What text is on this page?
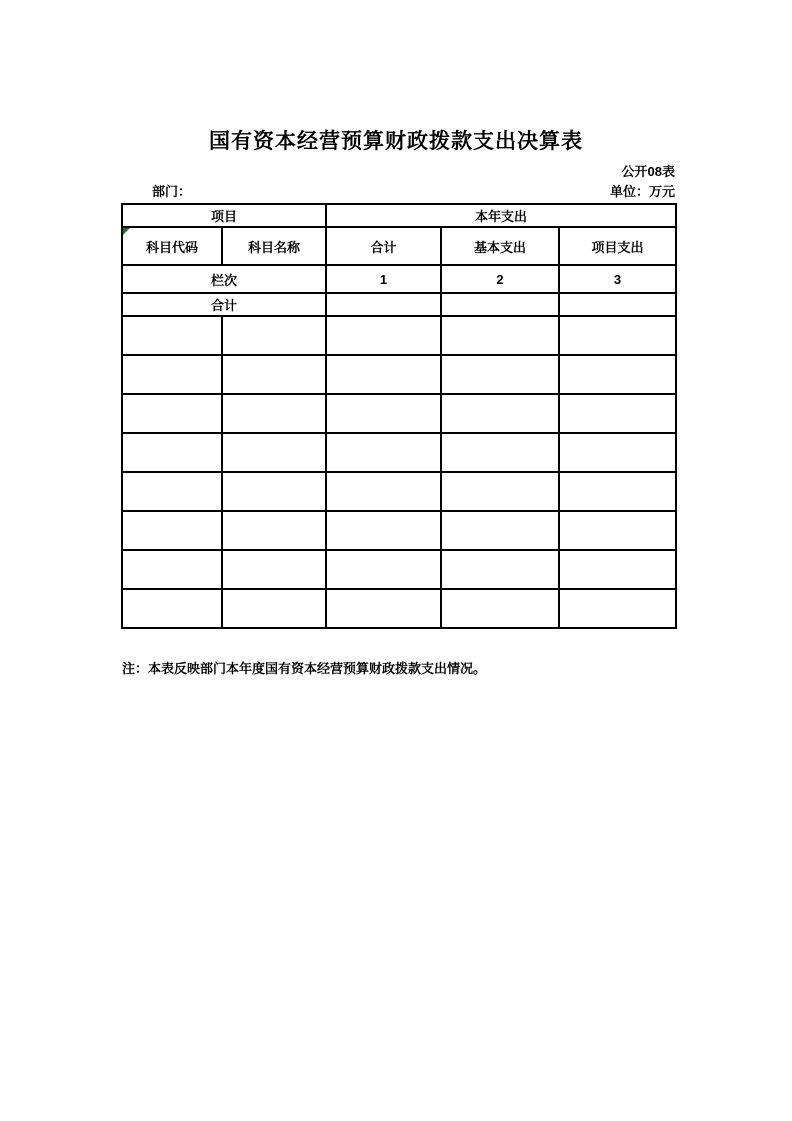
国有资本经营预算财政拨款支出决算表
公开08表
部门：	单位：万元
项目		本年支出		

科目代码	科目名称	合计	基本支出	项目支出
栏次		1	2	3
合计				

注：本表反映部门本年度国有资本经营预算财政拨款支出情况。
